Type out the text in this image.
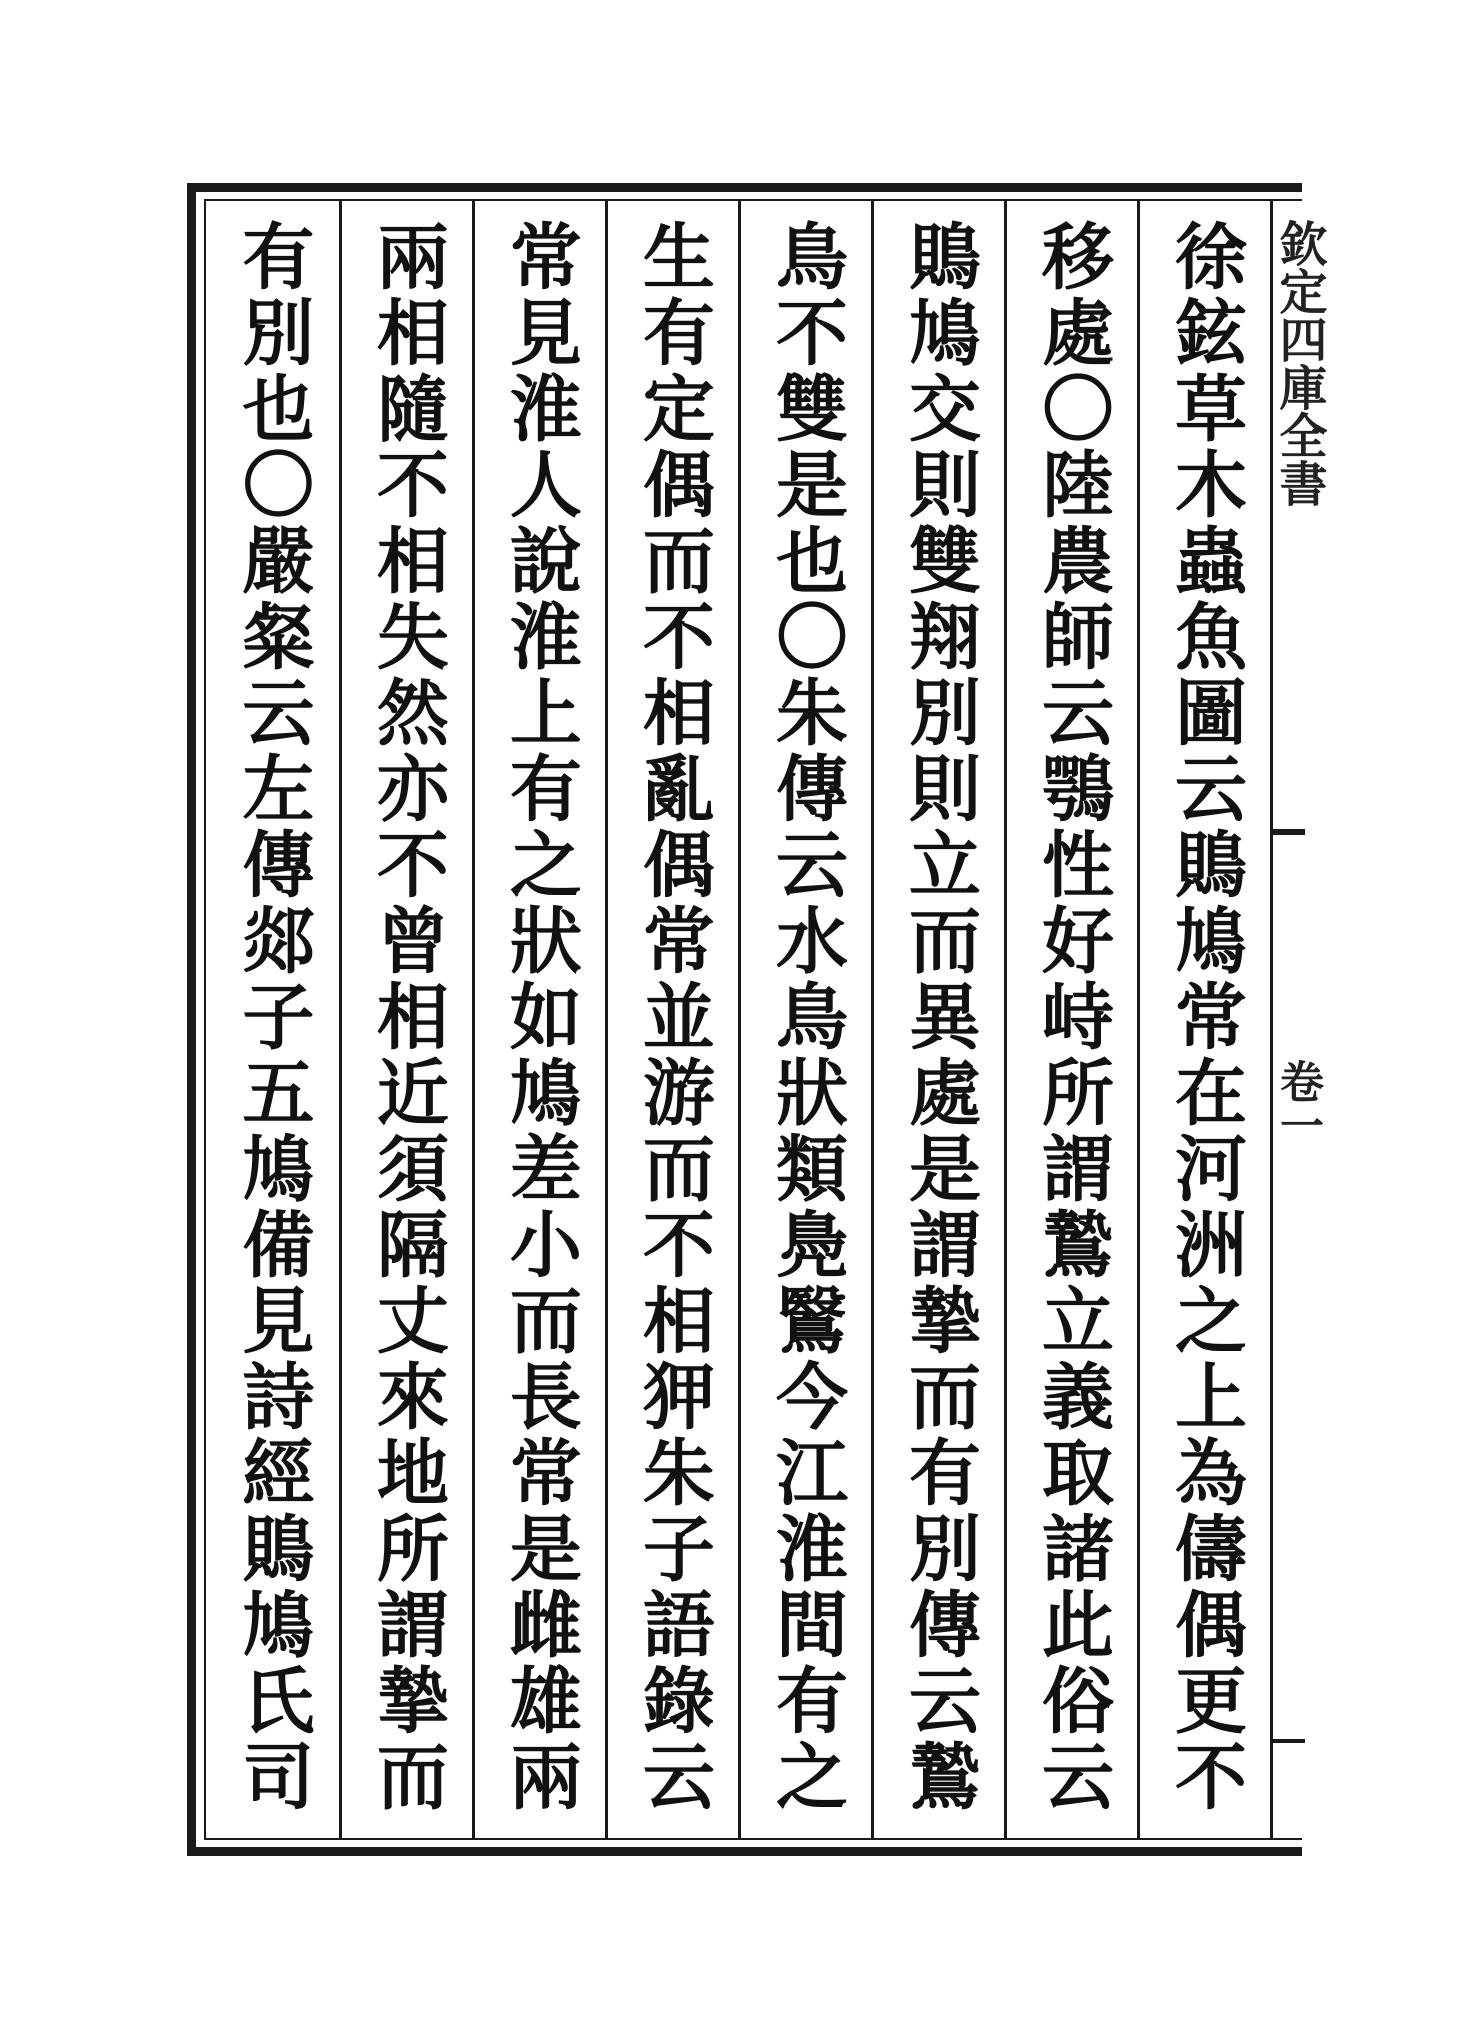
欽定四庫全書
卷一
徐鉉草木蟲魚圖云鵙鳩常在河洲之上為儔偶更不
移處〇陸農師云鶚性好峙所謂鷙立義取諸此俗云
鵙鳩交則雙翔別則立而異處是謂摯而有別傳云鷙
鳥不雙是也〇朱傳云水鳥狀類鳧鷖今江淮間有之
生有定偶而不相亂偶常並游而不相狎朱子語錄云
常見淮人說淮上有之狀如鳩差小而長常是雌雄兩
兩相隨不相失然亦不曾相近須隔丈來地所謂摯而
有別也〇嚴粲云左傳郯子五鳩備見詩經鵙鳩氏司
